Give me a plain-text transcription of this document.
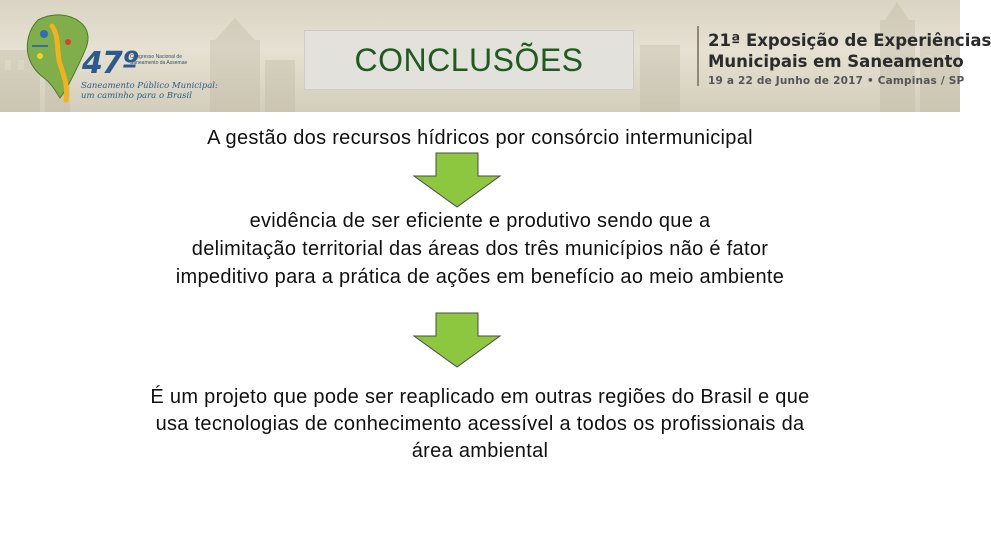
47º
Congresso Nacional de Saneamento da Assemae
Saneamento Público Municipal:
um caminho para o Brasil
CONCLUSÕES
21ª Exposição de Experiências
Municipais em Saneamento
19 a 22 de Junho de 2017 • Campinas / SP
A gestão dos recursos hídricos por consórcio intermunicipal
evidência de ser eficiente e produtivo sendo que a
delimitação territorial das áreas dos três municípios não é fator
impeditivo para a prática de ações em benefício ao meio ambiente
É um projeto que pode ser reaplicado em outras regiões do Brasil e que
usa tecnologias de conhecimento acessível a todos os profissionais da
área ambiental
